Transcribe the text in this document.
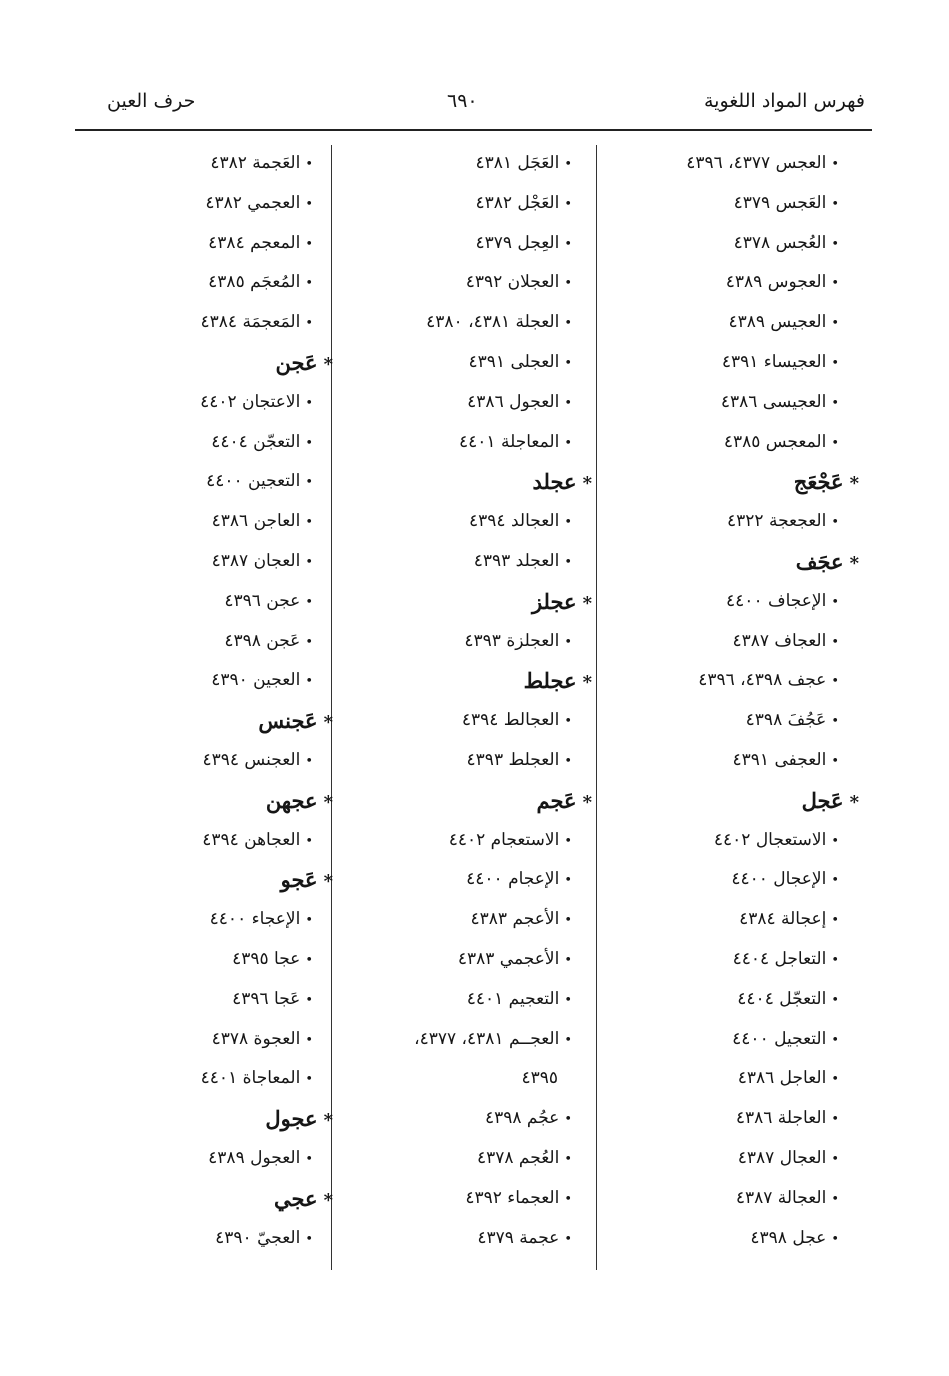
فهرس المواد اللغوية
٦٩٠
حرف العين
•العجس ٤٣٧٧، ٤٣٩٦
•العَجس ٤٣٧٩
•العُجس ٤٣٧٨
•العجوس ٤٣٨٩
•العجيس ٤٣٨٩
•العجيساء ٤٣٩١
•العجيسى ٤٣٨٦
•المعجس ٤٣٨٥
*عَجْعَج
•العجعجة ٤٣٢٢
*عجَف
•الإعجاف ٤٤٠٠
•العجاف ٤٣٨٧
•عجف ٤٣٩٨، ٤٣٩٦
•عَجُفَ ٤٣٩٨
•العجفى ٤٣٩١
*عَجل
•الاستعجال ٤٤٠٢
•الإعجال ٤٤٠٠
•إعجالة ٤٣٨٤
•التعاجل ٤٤٠٤
•التعجّل ٤٤٠٤
•التعجيل ٤٤٠٠
•العاجل ٤٣٨٦
•العاجلة ٤٣٨٦
•العجال ٤٣٨٧
•العجالة ٤٣٨٧
•عجل ٤٣٩٨
•العَجَل ٤٣٨١
•العَجْل ٤٣٨٢
•العِجل ٤٣٧٩
•العجلان ٤٣٩٢
•العجلة ٤٣٨١، ٤٣٨٠
•العجلى ٤٣٩١
•العجول ٤٣٨٦
•المعاجلة ٤٤٠١
*عجلد
•العجالد ٤٣٩٤
•العجلد ٤٣٩٣
*عجلز
•العجلزة ٤٣٩٣
*عجلط
•العجالط ٤٣٩٤
•العجلط ٤٣٩٣
*عَجم
•الاستعجام ٤٤٠٢
•الإعجام ٤٤٠٠
•الأعجم ٤٣٨٣
•الأعجمي ٤٣٨٣
•التعجيم ٤٤٠١
•العجــم ٤٣٨١، ٤٣٧٧،
٤٣٩٥
•عجُم ٤٣٩٨
•العُجم ٤٣٧٨
•العجماء ٤٣٩٢
•عجمة ٤٣٧٩
•العَجمة ٤٣٨٢
•العجمي ٤٣٨٢
•المعجم ٤٣٨٤
•المُعجَم ٤٣٨٥
•المَعجمَة ٤٣٨٤
*عَجن
•الاعتجان ٤٤٠٢
•التعجّن ٤٤٠٤
•التعجين ٤٤٠٠
•العاجن ٤٣٨٦
•العجان ٤٣٨٧
•عجن ٤٣٩٦
•عَجن ٤٣٩٨
•العجين ٤٣٩٠
*عَجنس
•العجنس ٤٣٩٤
*عجهن
•العجاهن ٤٣٩٤
*عَجو
•الإعجاء ٤٤٠٠
•عجا ٤٣٩٥
•عَجا ٤٣٩٦
•العجوة ٤٣٧٨
•المعاجاة ٤٤٠١
*عجول
•العجول ٤٣٨٩
*عجي
•العجيّ ٤٣٩٠
